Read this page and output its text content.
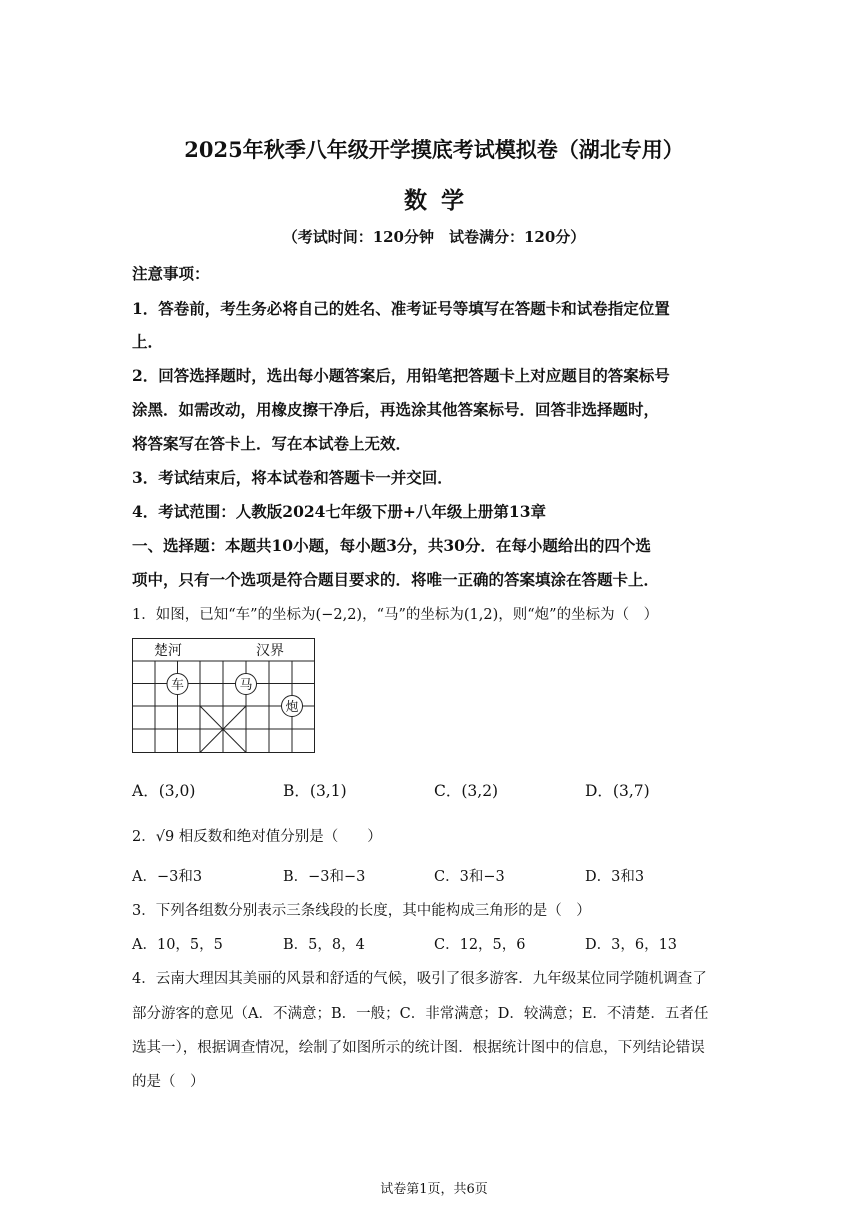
2025年秋季八年级开学摸底考试模拟卷（湖北专用）
数学
（考试时间：120分钟　试卷满分：120分）
注意事项：
1．答卷前，考生务必将自己的姓名、准考证号等填写在答题卡和试卷指定位置
上．
2．回答选择题时，选出每小题答案后，用铅笔把答题卡上对应题目的答案标号
涂黑．如需改动，用橡皮擦干净后，再选涂其他答案标号．回答非选择题时，
将答案写在答卡上．写在本试卷上无效．
3．考试结束后，将本试卷和答题卡一并交回．
4．考试范围：人教版2024七年级下册+八年级上册第13章
一、选择题：本题共10小题，每小题3分，共30分．在每小题给出的四个选
项中，只有一个选项是符合题目要求的．将唯一正确的答案填涂在答题卡上．
1．如图，已知“车”的坐标为(−2,2)，“马”的坐标为(1,2)，则“炮”的坐标为（　）
楚河	汉界
车	马
炮
A．(3,0)	B．(3,1)	C．(3,2)	D．(3,7)
2．√9 相反数和绝对值分别是（　　）
A．−3和3	B．−3和−3	C．3和−3	D．3和3
3．下列各组数分别表示三条线段的长度，其中能构成三角形的是（　）
A．10，5，5	B．5，8，4	C．12，5，6	D．3，6，13
4．云南大理因其美丽的风景和舒适的气候，吸引了很多游客．九年级某位同学随机调查了
部分游客的意见（A．不满意；B．一般；C．非常满意；D．较满意；E．不清楚．五者任
选其一），根据调查情况，绘制了如图所示的统计图．根据统计图中的信息，下列结论错误
的是（　）
试卷第1页，共6页
